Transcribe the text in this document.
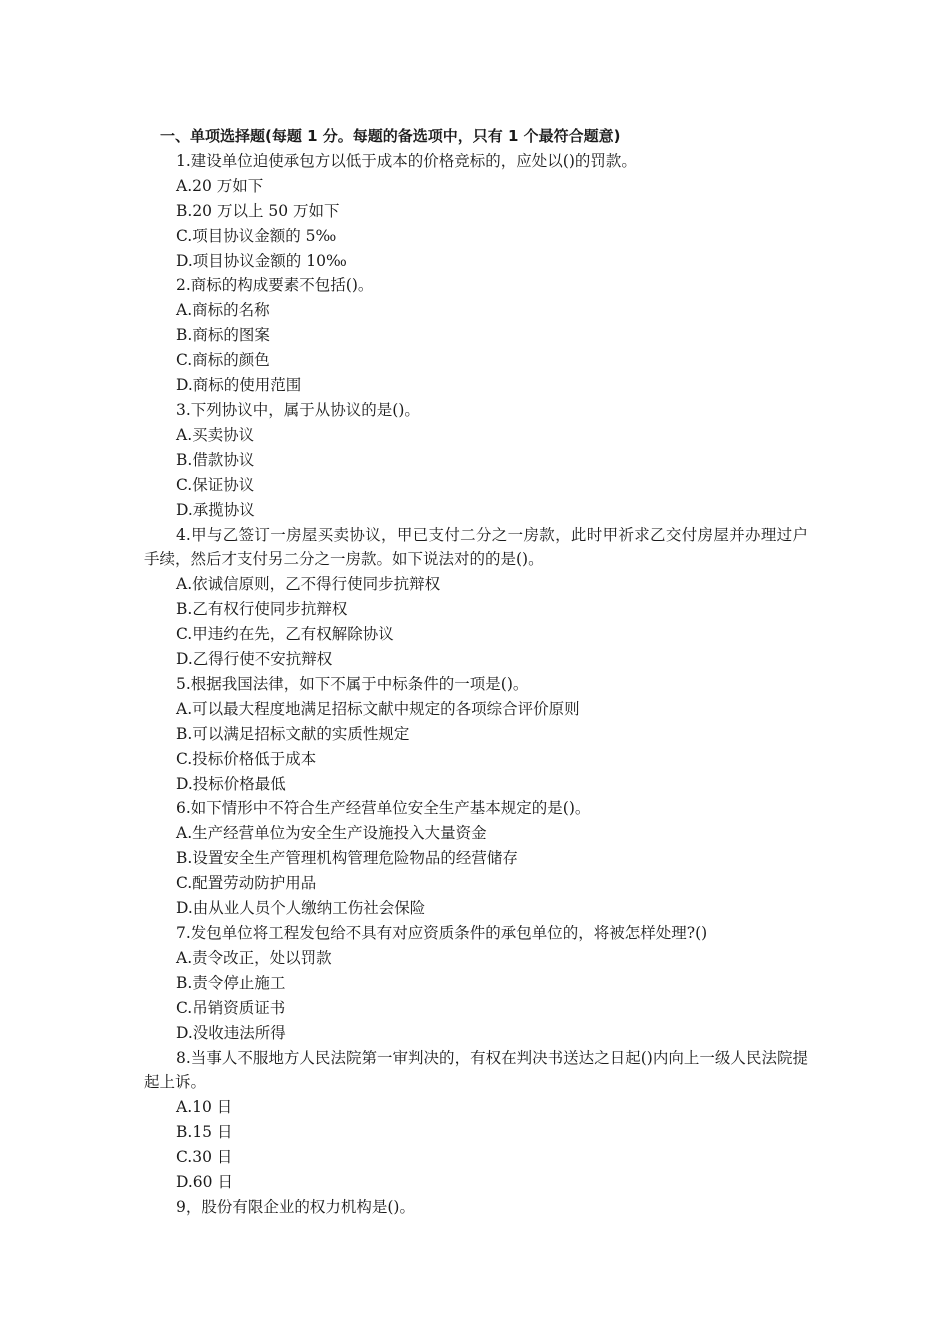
一、单项选择题(每题 1 分。每题的备选项中，只有 1 个最符合题意)
1.建设单位迫使承包方以低于成本的价格竞标的，应处以()的罚款。
A.20 万如下
B.20 万以上 50 万如下
C.项目协议金额的 5‰
D.项目协议金额的 10‰
2.商标的构成要素不包括()。
A.商标的名称
B.商标的图案
C.商标的颜色
D.商标的使用范围
3.下列协议中，属于从协议的是()。
A.买卖协议
B.借款协议
C.保证协议
D.承揽协议
4.甲与乙签订一房屋买卖协议，甲已支付二分之一房款，此时甲祈求乙交付房屋并办理过户手续，然后才支付另二分之一房款。如下说法对的的是()。
A.依诚信原则，乙不得行使同步抗辩权
B.乙有权行使同步抗辩权
C.甲违约在先，乙有权解除协议
D.乙得行使不安抗辩权
5.根据我国法律，如下不属于中标条件的一项是()。
A.可以最大程度地满足招标文献中规定的各项综合评价原则
B.可以满足招标文献的实质性规定
C.投标价格低于成本
D.投标价格最低
6.如下情形中不符合生产经营单位安全生产基本规定的是()。
A.生产经营单位为安全生产设施投入大量资金
B.设置安全生产管理机构管理危险物品的经营储存
C.配置劳动防护用品
D.由从业人员个人缴纳工伤社会保险
7.发包单位将工程发包给不具有对应资质条件的承包单位的，将被怎样处理?()
A.责令改正，处以罚款
B.责令停止施工
C.吊销资质证书
D.没收违法所得
8.当事人不服地方人民法院第一审判决的，有权在判决书送达之日起()内向上一级人民法院提起上诉。
A.10 日
B.15 日
C.30 日
D.60 日
9，股份有限企业的权力机构是()。
